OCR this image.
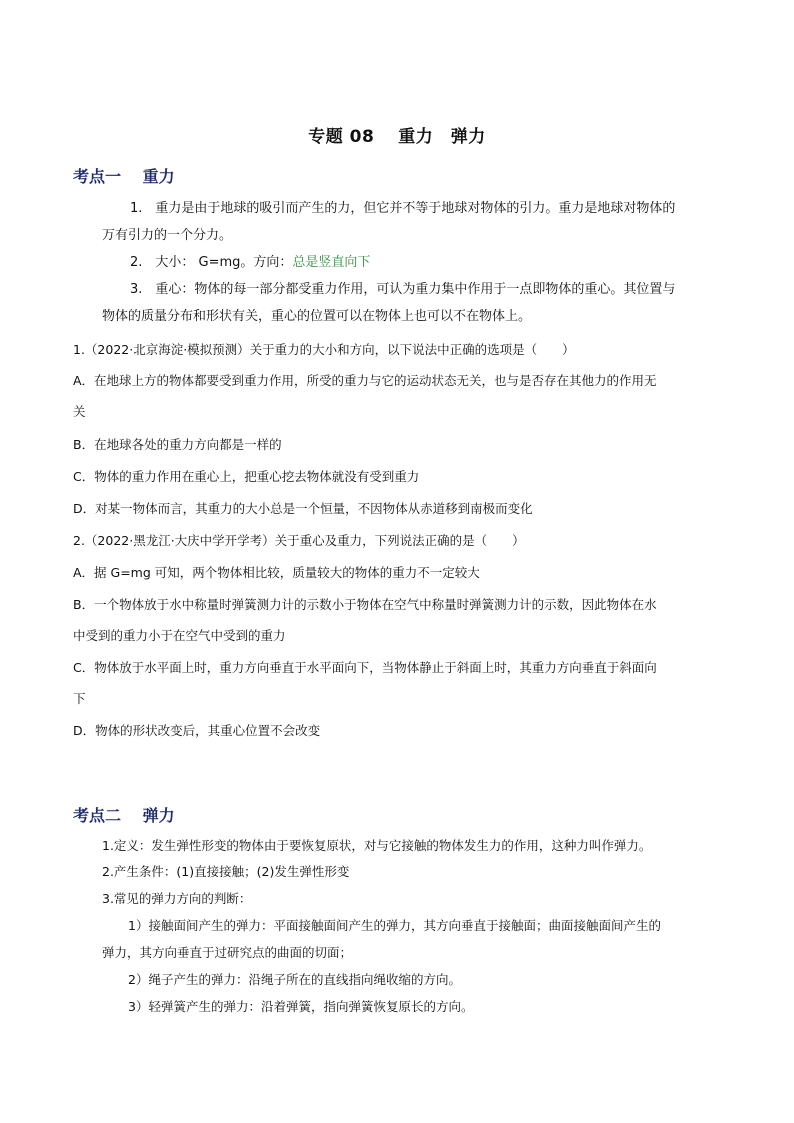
专题 08　 重力　弹力
考点一　 重力
1.　重力是由于地球的吸引而产生的力，但它并不等于地球对物体的引力。重力是地球对物体的
万有引力的一个分力。
2.　大小： G=mg。方向：总是竖直向下
3.　重心：物体的每一部分都受重力作用，可认为重力集中作用于一点即物体的重心。其位置与
物体的质量分布和形状有关，重心的位置可以在物体上也可以不在物体上。
1.（2022·北京海淀·模拟预测）关于重力的大小和方向，以下说法中正确的选项是（　　）
A．在地球上方的物体都要受到重力作用，所受的重力与它的运动状态无关，也与是否存在其他力的作用无
关
B．在地球各处的重力方向都是一样的
C．物体的重力作用在重心上，把重心挖去物体就没有受到重力
D．对某一物体而言，其重力的大小总是一个恒量，不因物体从赤道移到南极而变化
2.（2022·黑龙江·大庆中学开学考）关于重心及重力，下列说法正确的是（　　）
A．据 G=mg 可知，两个物体相比较，质量较大的物体的重力不一定较大
B．一个物体放于水中称量时弹簧测力计的示数小于物体在空气中称量时弹簧测力计的示数，因此物体在水
中受到的重力小于在空气中受到的重力
C．物体放于水平面上时，重力方向垂直于水平面向下，当物体静止于斜面上时，其重力方向垂直于斜面向
下
D．物体的形状改变后，其重心位置不会改变
考点二　 弹力
1.定义：发生弹性形变的物体由于要恢复原状，对与它接触的物体发生力的作用，这种力叫作弹力。
2.产生条件：(1)直接接触；(2)发生弹性形变
3.常见的弹力方向的判断：
1）接触面间产生的弹力：平面接触面间产生的弹力，其方向垂直于接触面；曲面接触面间产生的
弹力，其方向垂直于过研究点的曲面的切面；
2）绳子产生的弹力：沿绳子所在的直线指向绳收缩的方向。
3）轻弹簧产生的弹力：沿着弹簧，指向弹簧恢复原长的方向。
